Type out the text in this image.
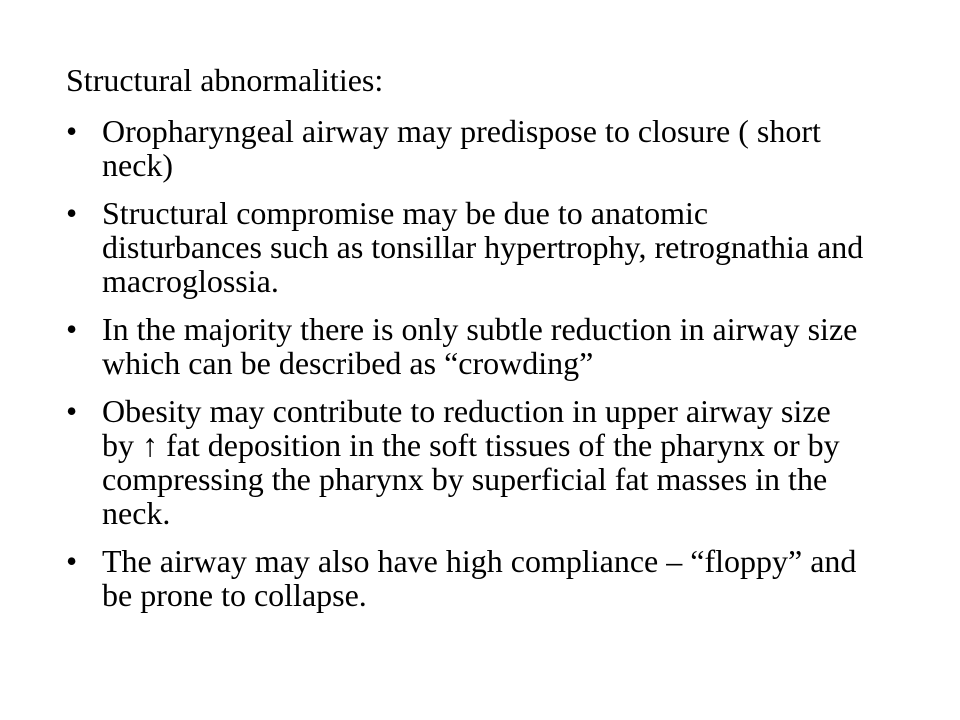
Structural abnormalities:
• Oropharyngeal airway may predispose to closure ( short neck)
• Structural compromise may be due to anatomic disturbances such as tonsillar hypertrophy, retrognathia and macroglossia.
• In the majority there is only subtle reduction in airway size which can be described as “crowding”
• Obesity may contribute to reduction in upper airway size by ↑ fat deposition in the soft tissues of the pharynx or by compressing the pharynx by superficial fat masses in the neck.
• The airway may also have high compliance – “floppy” and be prone to collapse.
